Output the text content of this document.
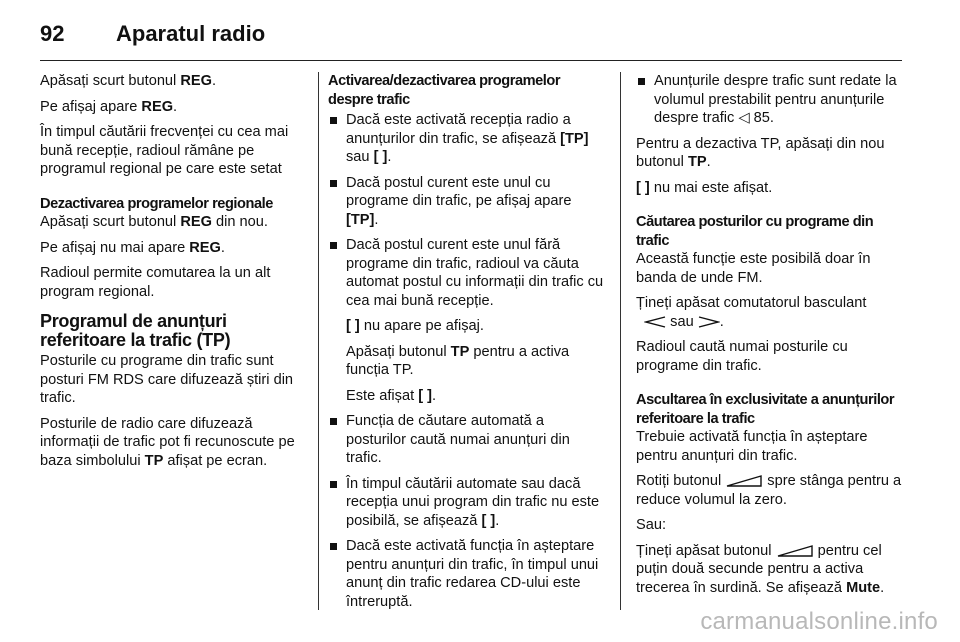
92	Aparatul radio

Apăsați scurt butonul REG.

Pe afișaj apare REG.

În timpul căutării frecvenței cu cea mai bună recepție, radioul rămâne pe programul regional pe care este setat

Dezactivarea programelor regionale

Apăsați scurt butonul REG din nou.

Pe afișaj nu mai apare REG.

Radioul permite comutarea la un alt program regional.

Programul de anunțuri referitoare la trafic (TP)

Posturile cu programe din trafic sunt posturi FM RDS care difuzează știri din trafic.

Posturile de radio care difuzează informații de trafic pot fi recunoscute pe baza simbolului TP afișat pe ecran.

Activarea/dezactivarea programelor despre trafic

Dacă este activată recepția radio a anunțurilor din trafic, se afișează [TP] sau [ ].
Dacă postul curent este unul cu programe din trafic, pe afișaj apare [TP].
Dacă postul curent este unul fără programe din trafic, radioul va căuta automat postul cu informații din trafic cu cea mai bună recepție.
[ ] nu apare pe afișaj.
Apăsați butonul TP pentru a activa funcția TP.
Este afișat [ ].
Funcția de căutare automată a posturilor caută numai anunțuri din trafic.
În timpul căutării automate sau dacă recepția unui program din trafic nu este posibilă, se afișează [ ].
Dacă este activată funcția în așteptare pentru anunțuri din trafic, în timpul unui anunț din trafic redarea CD-ului este întreruptă.
Anunțurile despre trafic sunt redate la volumul prestabilit pentru anunțurile despre trafic ◁ 85.

Pentru a dezactiva TP, apăsați din nou butonul TP.

[ ] nu mai este afișat.

Căutarea posturilor cu programe din trafic

Această funcție este posibilă doar în banda de unde FM.

Țineți apăsat comutatorul basculant
sau .

Radioul caută numai posturile cu programe din trafic.

Ascultarea în exclusivitate a anunțurilor referitoare la trafic

Trebuie activată funcția în așteptare pentru anunțuri din trafic.

Rotiți butonul	spre stânga pentru a reduce volumul la zero.

Sau:

Țineți apăsat butonul	pentru cel puțin două secunde pentru a activa trecerea în surdină. Se afișează Mute.

carmanualsonline.info
